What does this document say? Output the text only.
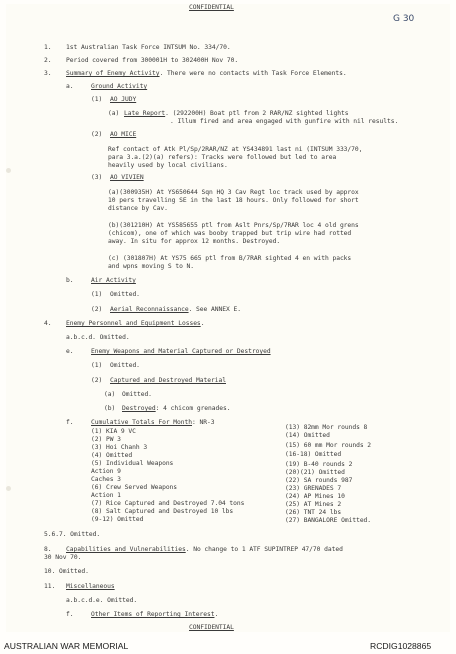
CONFIDENTIAL
G 30
1. 1st Australian Task Force INTSUM No. 334/70.
2. Period covered from 300001H to 302400H Nov 70.
3. Summary of Enemy Activity. There were no contacts with Task Force Elements.
a.	Ground Activity
(1) AO JUDY
(a) Late Report. (292200H) Boat ptl from 2 RAR/NZ sighted lights
. Illum fired and area engaged with gunfire with nil results.
(2) AO MICE
Ref contact of Atk Pl/Sp/2RAR/NZ at YS434891 last ni (INTSUM 333/70,
para 3.a.(2)(a) refers): Tracks were followed but led to area
heavily used by local civilians.
(3) AO VIVIEN
(a)(300935H) At YS650644 Sqn HQ 3 Cav Regt loc track used by approx
10 pers travelling SE in the last 18 hours. Only followed for short
distance by Cav.
(b)(301210H) At YS585655 ptl from Aslt Pnrs/Sp/7RAR loc 4 old grens
(chicom), one of which was booby trapped but trip wire had rotted
away. In situ for approx 12 months. Destroyed.
(c) (301807H) At YS75 665 ptl from B/7RAR sighted 4 en with packs
and wpns moving S to N.
b.	Air Activity
(1) Omitted.
(2) Aerial Reconnaissance. See ANNEX E.
4. Enemy Personnel and Equipment Losses.
a.b.c.d. Omitted.
e.	Enemy Weapons and Material Captured or Destroyed
(1) Omitted.
(2) Captured and Destroyed Material
(a) Omitted.
(b) Destroyed: 4 chicom grenades.
f.	Cumulative Totals For Month: NR-3
(1) KIA 9 VC
(2) PW 3
(3) Hoi Chanh 3
(4) Omitted
(5) Individual Weapons
Action 9
Caches 3
(6) Crew Served Weapons
Action 1
(7) Rice Captured and Destroyed 7.04 tons
(8) Salt Captured and Destroyed 10 lbs
(9-12) Omitted
(13) 82mm Mor rounds 8
(14) Omitted
(15) 60 mm Mor rounds 2
(16-18) Omitted
(19) B-40 rounds 2
(20)(21) Omitted
(22) SA rounds 987
(23) GRENADES 7
(24) AP Mines 10
(25) AT Mines 2
(26) TNT 24 lbs
(27) BANGALORE Omitted.
5.6.7. Omitted.
8. Capabilities and Vulnerabilities. No change to 1 ATF SUPINTREP 47/70 dated
30 Nov 70.
10. Omitted.
11. Miscellaneous
a.b.c.d.e. Omitted.
f.	Other Items of Reporting Interest.
CONFIDENTIAL
AUSTRALIAN WAR MEMORIAL	RCDIG1028865
